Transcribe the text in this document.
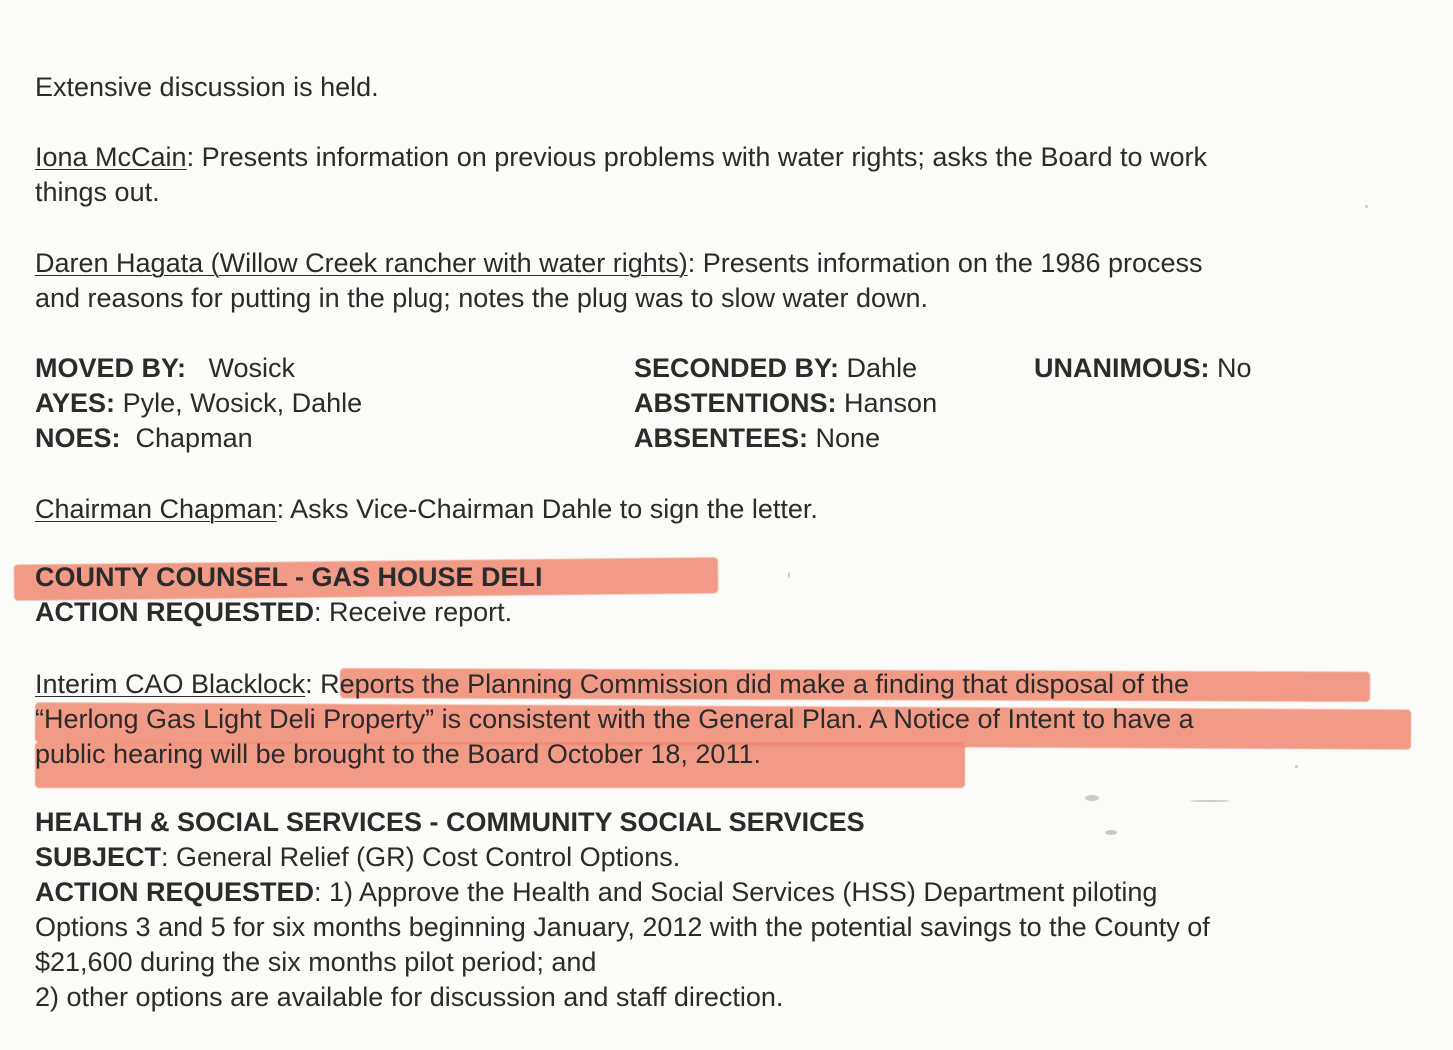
Extensive discussion is held.
Iona McCain: Presents information on previous problems with water rights; asks the Board to work
things out.
Daren Hagata (Willow Creek rancher with water rights): Presents information on the 1986 process
and reasons for putting in the plug; notes the plug was to slow water down.
MOVED BY: Wosick
AYES: Pyle, Wosick, Dahle
NOES: Chapman
SECONDED BY: Dahle
ABSTENTIONS: Hanson
ABSENTEES: None
UNANIMOUS: No
Chairman Chapman: Asks Vice-Chairman Dahle to sign the letter.
COUNTY COUNSEL - GAS HOUSE DELI
ACTION REQUESTED: Receive report.
Interim CAO Blacklock: Reports the Planning Commission did make a finding that disposal of the
“Herlong Gas Light Deli Property” is consistent with the General Plan. A Notice of Intent to have a
public hearing will be brought to the Board October 18, 2011.
HEALTH & SOCIAL SERVICES - COMMUNITY SOCIAL SERVICES
SUBJECT: General Relief (GR) Cost Control Options.
ACTION REQUESTED: 1) Approve the Health and Social Services (HSS) Department piloting
Options 3 and 5 for six months beginning January, 2012 with the potential savings to the County of
$21,600 during the six months pilot period; and
2) other options are available for discussion and staff direction.
